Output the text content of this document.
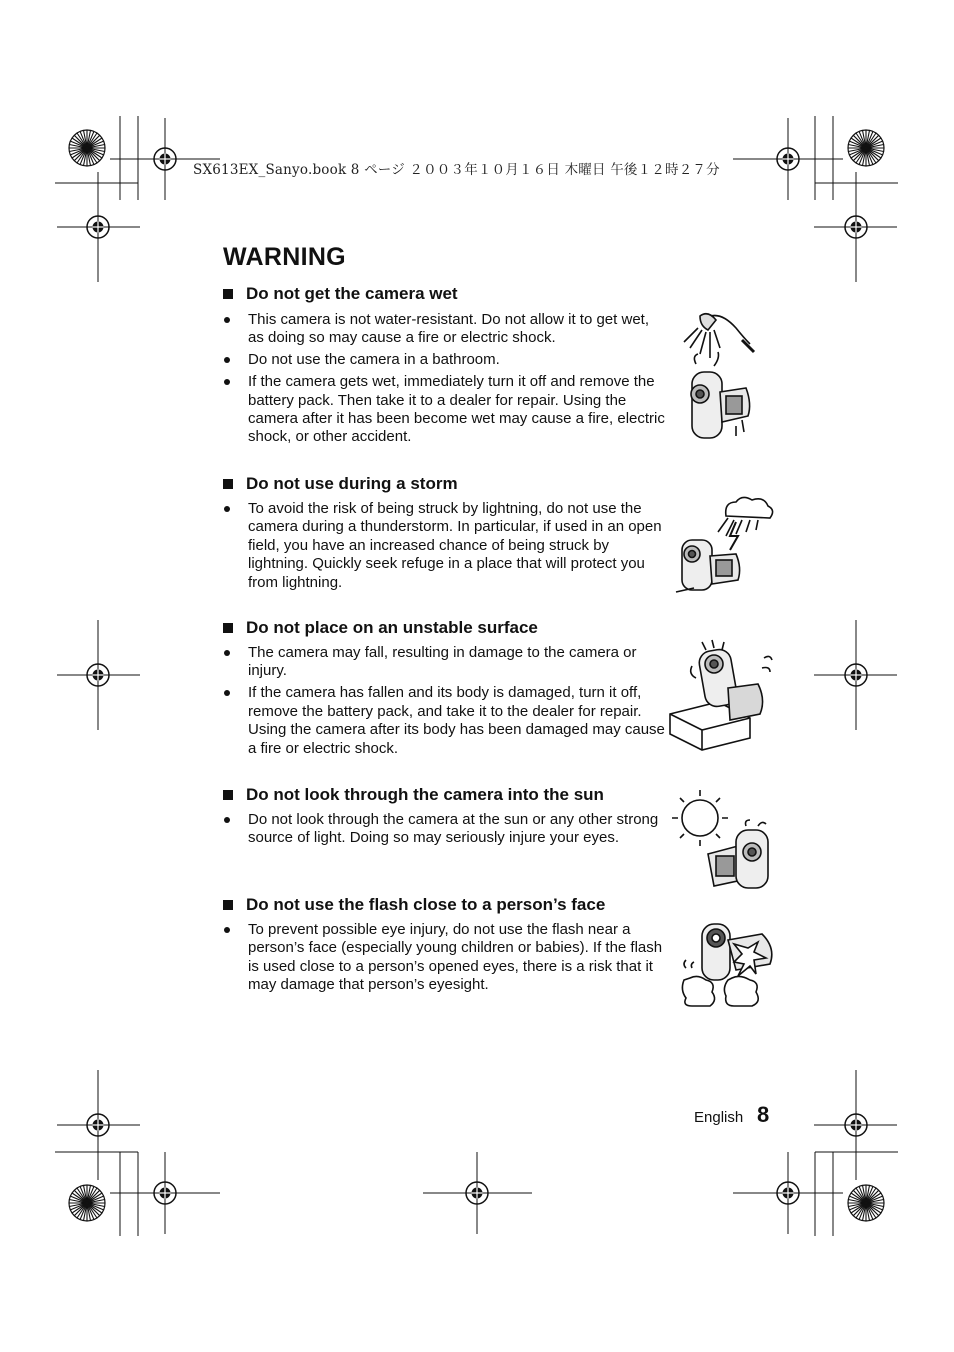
SX613EX_Sanyo.book 8 ページ ２００３年１０月１６日 木曜日 午後１２時２７分
WARNING
Do not get the camera wet
This camera is not water-resistant. Do not allow it to get wet, as doing so may cause a fire or electric shock.
Do not use the camera in a bathroom.
If the camera gets wet, immediately turn it off and remove the battery pack. Then take it to a dealer for repair. Using the camera after it has been become wet may cause a fire, electric shock, or other accident.
Do not use during a storm
To avoid the risk of being struck by lightning, do not use the camera during a thunderstorm. In particular, if used in an open field, you have an increased chance of being struck by lightning. Quickly seek refuge in a place that will protect you from lightning.
Do not place on an unstable surface
The camera may fall, resulting in damage to the camera or injury.
If the camera has fallen and its body is damaged, turn it off, remove the battery pack, and take it to the dealer for repair. Using the camera after its body has been damaged may cause a fire or electric shock.
Do not look through the camera into the sun
Do not look through the camera at the sun or any other strong source of light. Doing so may seriously injure your eyes.
Do not use the flash close to a person’s face
To prevent possible eye injury, do not use the flash near a person’s face (especially young children or babies). If the flash is used close to a person’s opened eyes, there is a risk that it may damage that person’s eyesight.
English 8
